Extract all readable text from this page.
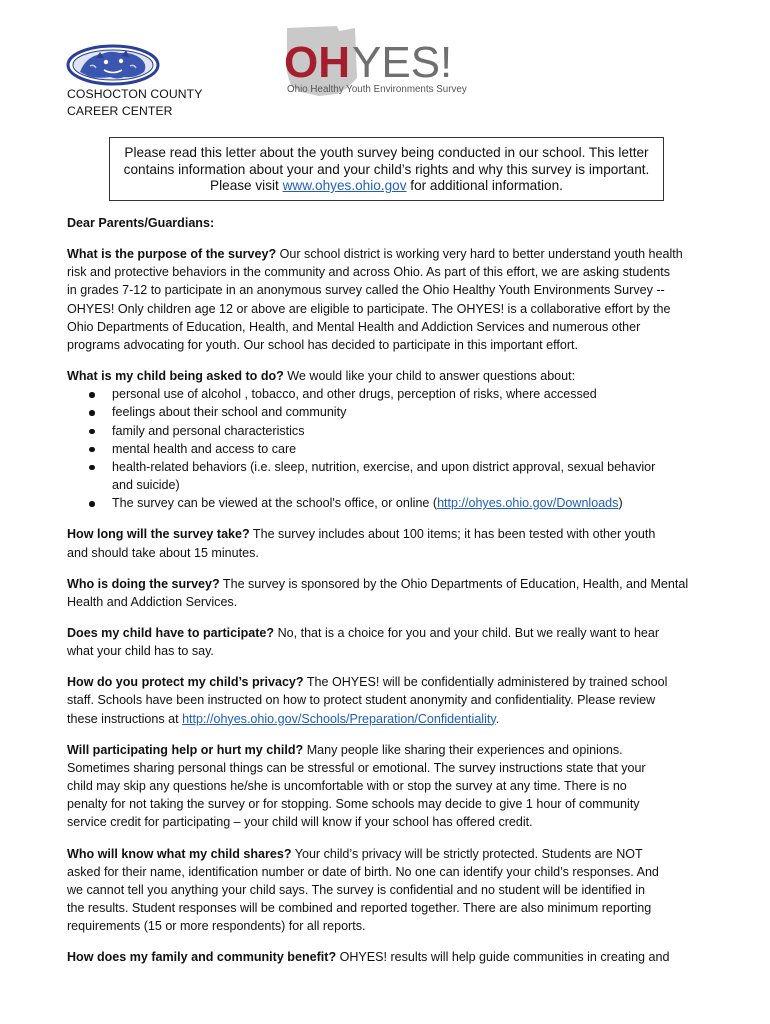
COSHOCTON COUNTY
CAREER CENTER
OH YES!
Ohio Healthy Youth Environments Survey
Please read this letter about the youth survey being conducted in our school. This letter
contains information about your and your child’s rights and why this survey is important.
Please visit www.ohyes.ohio.gov for additional information.

Dear Parents/Guardians:

What is the purpose of the survey? Our school district is working very hard to better understand youth health

risk and protective behaviors in the community and across Ohio. As part of this effort, we are asking students

in grades 7-12 to participate in an anonymous survey called the Ohio Healthy Youth Environments Survey --

OHYES! Only children age 12 or above are eligible to participate. The OHYES! is a collaborative effort by the

Ohio Departments of Education, Health, and Mental Health and Addiction Services and numerous other

programs advocating for youth. Our school has decided to participate in this important effort.

What is my child being asked to do? We would like your child to answer questions about:

personal use of alcohol , tobacco, and other drugs, perception of risks, where accessed
feelings about their school and community
family and personal characteristics
mental health and access to care
health-related behaviors (i.e. sleep, nutrition, exercise, and upon district approval, sexual behavior
and suicide)
The survey can be viewed at the school's office, or online (http://ohyes.ohio.gov/Downloads)

How long will the survey take? The survey includes about 100 items; it has been tested with other youth

and should take about 15 minutes.

Who is doing the survey? The survey is sponsored by the Ohio Departments of Education, Health, and Mental

Health and Addiction Services.

Does my child have to participate? No, that is a choice for you and your child. But we really want to hear

what your child has to say.

How do you protect my child’s privacy? The OHYES! will be confidentially administered by trained school

staff. Schools have been instructed on how to protect student anonymity and confidentiality. Please review

these instructions at http://ohyes.ohio.gov/Schools/Preparation/Confidentiality.

Will participating help or hurt my child? Many people like sharing their experiences and opinions.

Sometimes sharing personal things can be stressful or emotional. The survey instructions state that your

child may skip any questions he/she is uncomfortable with or stop the survey at any time. There is no

penalty for not taking the survey or for stopping. Some schools may decide to give 1 hour of community

service credit for participating – your child will know if your school has offered credit.

Who will know what my child shares? Your child’s privacy will be strictly protected. Students are NOT

asked for their name, identification number or date of birth. No one can identify your child’s responses. And

we cannot tell you anything your child says. The survey is confidential and no student will be identified in

the results. Student responses will be combined and reported together. There are also minimum reporting

requirements (15 or more respondents) for all reports.

How does my family and community benefit? OHYES! results will help guide communities in creating and
